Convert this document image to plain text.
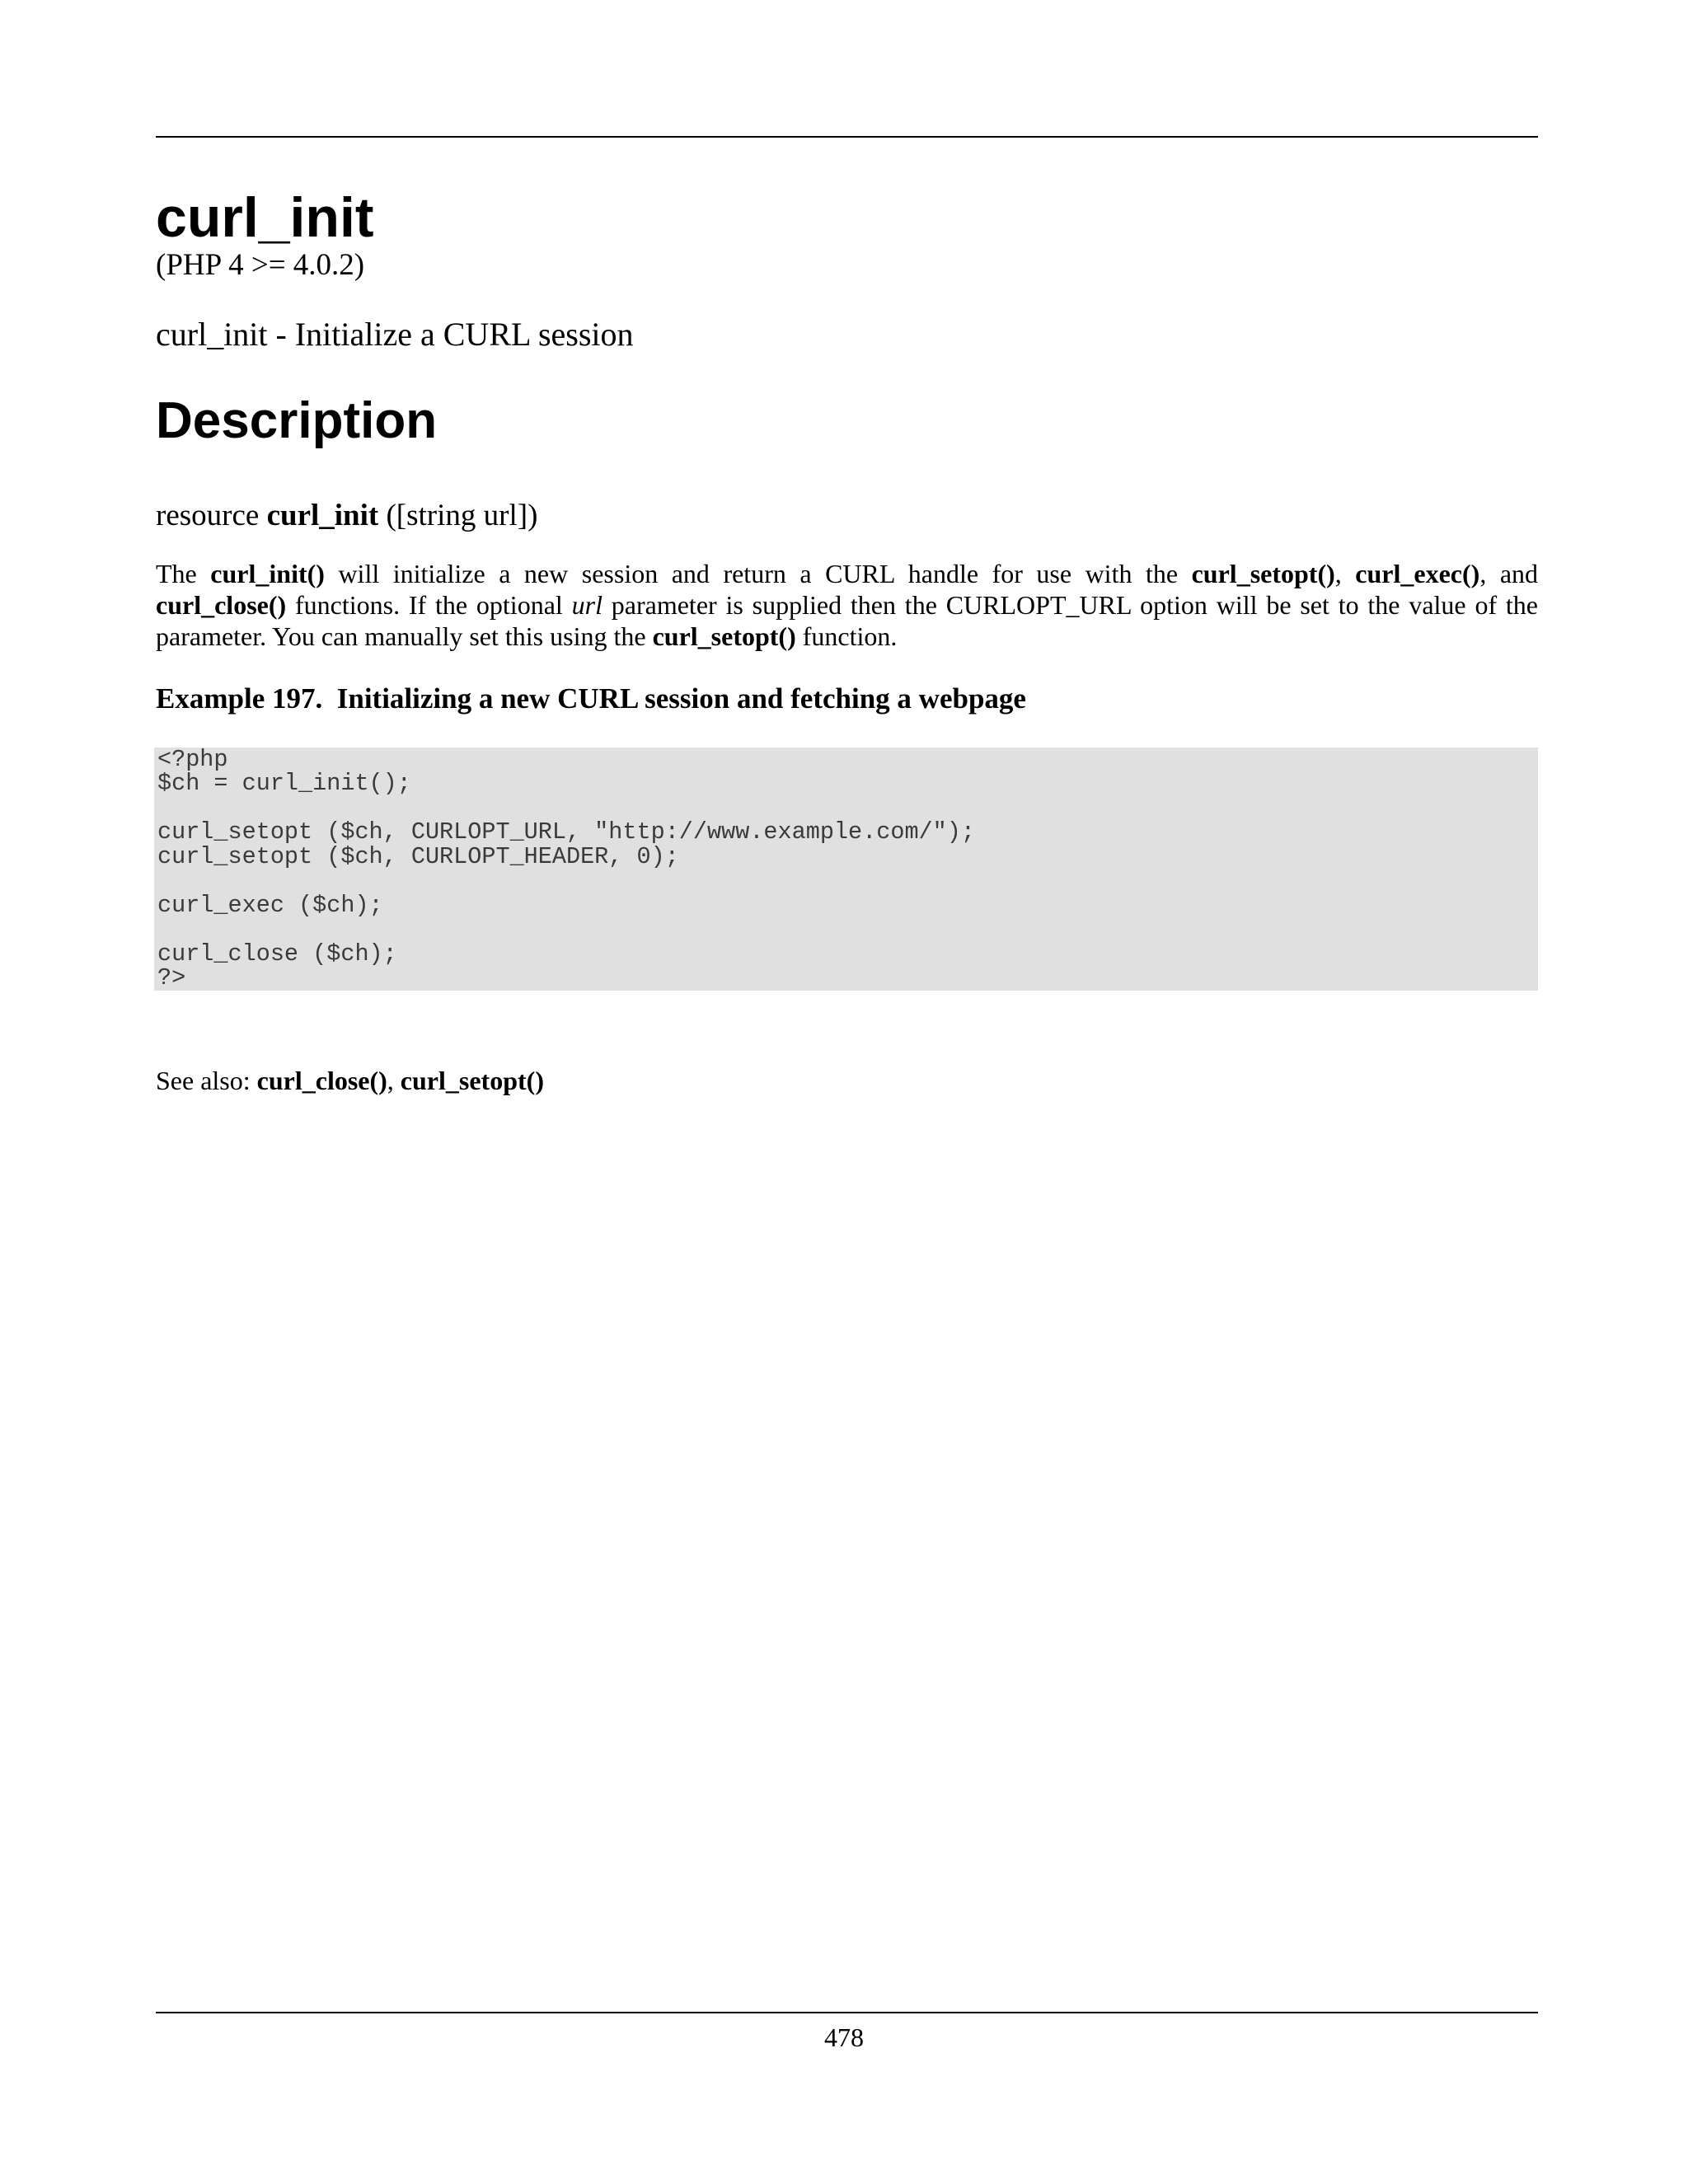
curl_init
(PHP 4 >= 4.0.2)
curl_init - Initialize a CURL session
Description
resource curl_init ([string url])

The curl_init() will initialize a new session and return a CURL handle for use with the curl_setopt(), curl_exec(), and curl_close() functions. If the optional url parameter is supplied then the CURLOPT_URL option will be set to the value of the parameter. You can manually set this using the curl_setopt() function.

Example 197. Initializing a new CURL session and fetching a webpage
<?php
$ch = curl_init();

curl_setopt ($ch, CURLOPT_URL, "http://www.example.com/");
curl_setopt ($ch, CURLOPT_HEADER, 0);

curl_exec ($ch);

curl_close ($ch);
?>
See also: curl_close(), curl_setopt()
478
